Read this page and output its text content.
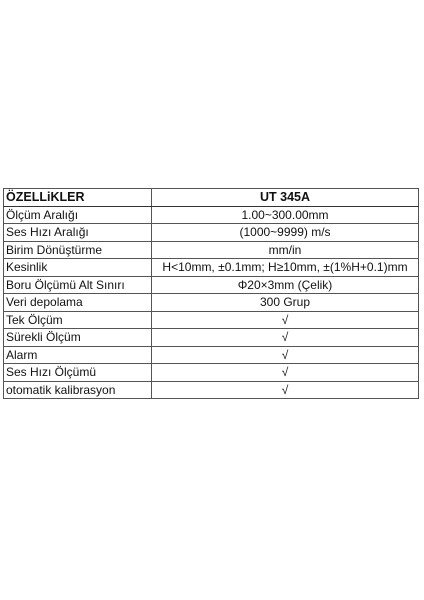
ÖZELLiKLER	UT 345A
Ölçüm Aralığı	1.00~300.00mm
Ses Hızı Aralığı	(1000~9999) m/s
Birim Dönüştürme	mm/in
Kesinlik	H<10mm, ±0.1mm; H≥10mm, ±(1%H+0.1)mm
Boru Ölçümü Alt Sınırı	Φ20×3mm (Çelik)
Veri depolama	300 Grup
Tek Ölçüm	√
Sürekli Ölçüm	√
Alarm	√
Ses Hızı Ölçümü	√
otomatik kalibrasyon	√
